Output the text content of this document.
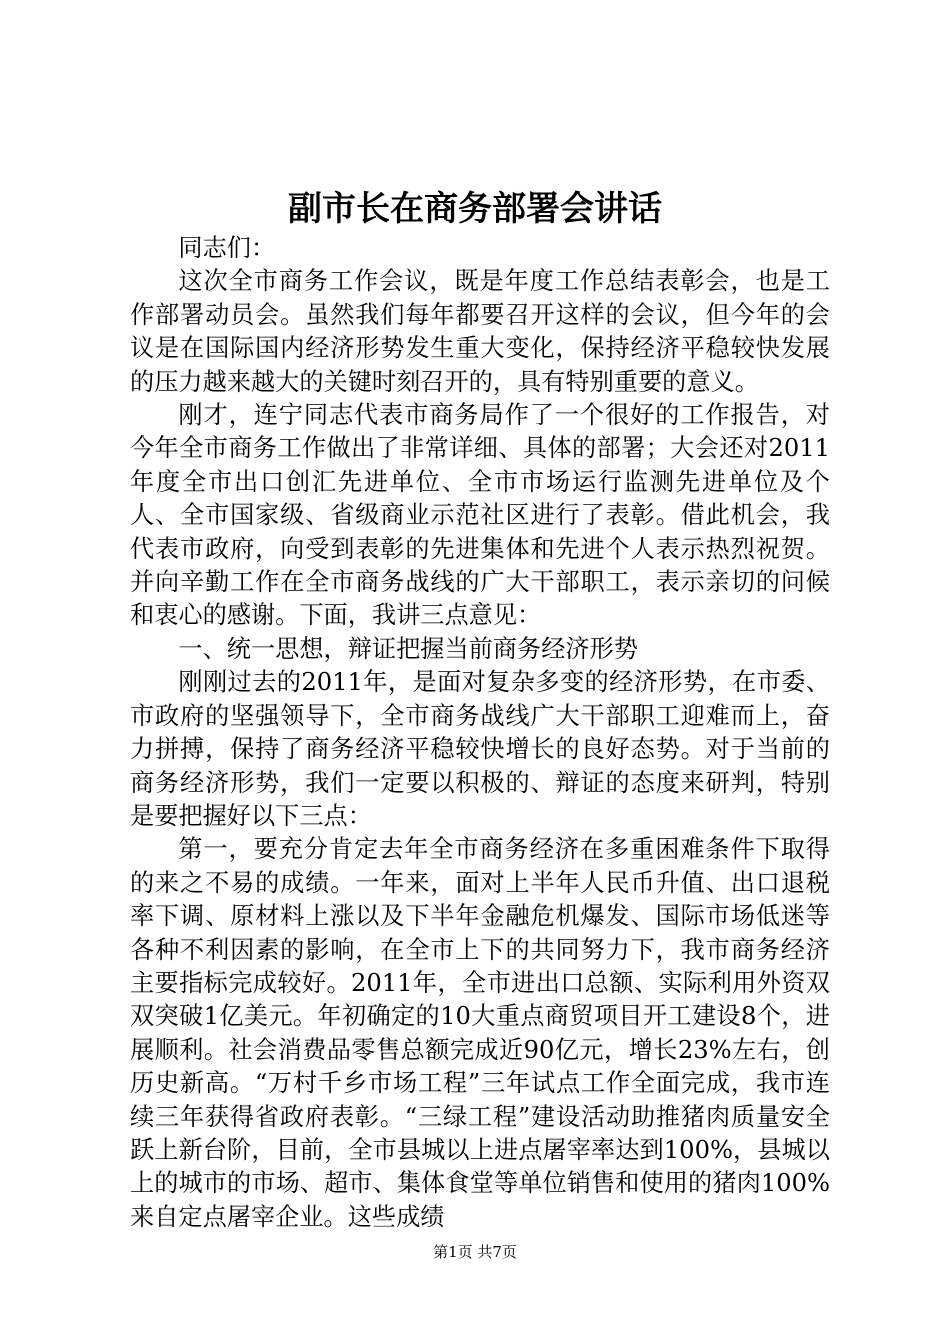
副市长在商务部署会讲话

同志们：

这次全市商务工作会议，既是年度工作总结表彰会，也是工作部署动员会。虽然我们每年都要召开这样的会议，但今年的会议是在国际国内经济形势发生重大变化，保持经济平稳较快发展的压力越来越大的关键时刻召开的，具有特别重要的意义。

刚才，连宁同志代表市商务局作了一个很好的工作报告，对今年全市商务工作做出了非常详细、具体的部署；大会还对2011年度全市出口创汇先进单位、全市市场运行监测先进单位及个人、全市国家级、省级商业示范社区进行了表彰。借此机会，我代表市政府，向受到表彰的先进集体和先进个人表示热烈祝贺。并向辛勤工作在全市商务战线的广大干部职工，表示亲切的问候和衷心的感谢。下面，我讲三点意见：

一、统一思想，辩证把握当前商务经济形势

刚刚过去的2011年，是面对复杂多变的经济形势，在市委、市政府的坚强领导下，全市商务战线广大干部职工迎难而上，奋力拼搏，保持了商务经济平稳较快增长的良好态势。对于当前的商务经济形势，我们一定要以积极的、辩证的态度来研判，特别是要把握好以下三点：

第一，要充分肯定去年全市商务经济在多重困难条件下取得的来之不易的成绩。一年来，面对上半年人民币升值、出口退税率下调、原材料上涨以及下半年金融危机爆发、国际市场低迷等各种不利因素的影响，在全市上下的共同努力下，我市商务经济主要指标完成较好。2011年，全市进出口总额、实际利用外资双双突破1亿美元。年初确定的10大重点商贸项目开工建设8个，进展顺利。社会消费品零售总额完成近90亿元，增长23%左右，创历史新高。“万村千乡市场工程”三年试点工作全面完成，我市连续三年获得省政府表彰。“三绿工程”建设活动助推猪肉质量安全跃上新台阶，目前，全市县城以上进点屠宰率达到100%，县城以上的城市的市场、超市、集体食堂等单位销售和使用的猪肉100%来自定点屠宰企业。这些成绩

第1页 共7页
